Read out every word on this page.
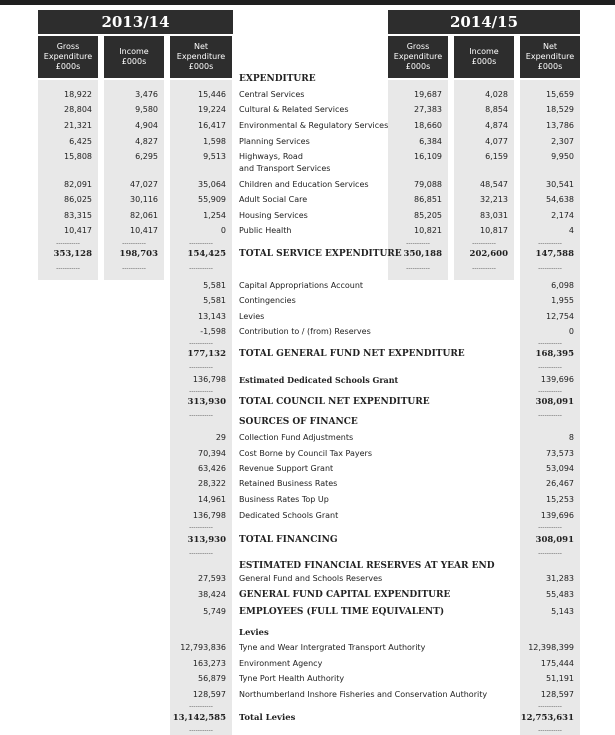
2013/14	2014/15
Gross
Expenditure
£000s
Income
£000s
Net
Expenditure
£000s
Gross
Expenditure
£000s
Income
£000s
Net
Expenditure
£000s
EXPENDITURE
Central Services
18,922	3,476	15,446	19,687	4,028	15,659
Cultural & Related Services
28,804	9,580	19,224	27,383	8,854	18,529
Environmental & Regulatory Services
21,321	4,904	16,417	18,660	4,874	13,786
Planning Services
6,425	4,827	1,598	6,384	4,077	2,307
Highways, Road
and Transport Services
15,808	6,295	9,513	16,109	6,159	9,950
Children and Education Services
82,091	47,027	35,064	79,088	48,547	30,541
Adult Social Care
86,025	30,116	55,909	86,851	32,213	54,638
Housing Services
83,315	82,061	1,254	85,205	83,031	2,174
Public Health
10,417	10,417	0	10,821	10,817	4
-----------	-----------	-----------	-----------	-----------	-----------
TOTAL SERVICE EXPENDITURE
353,128	198,703	154,425	350,188	202,600	147,588
-----------	-----------	-----------	-----------	-----------	-----------
Capital Appropriations Account
5,581	6,098
Contingencies
5,581	1,955
Levies
13,143	12,754
Contribution to / (from) Reserves
-1,598	0
-----------	-----------
TOTAL GENERAL FUND NET EXPENDITURE
177,132	168,395
-----------	-----------
Estimated Dedicated Schools Grant
136,798	139,696
-----------	-----------
TOTAL COUNCIL NET EXPENDITURE
313,930	308,091
-----------	-----------
SOURCES OF FINANCE
Collection Fund Adjustments
29	8
Cost Borne by Council Tax Payers
70,394	73,573
Revenue Support Grant
63,426	53,094
Retained Business Rates
28,322	26,467
Business Rates Top Up
14,961	15,253
Dedicated Schools Grant
136,798	139,696
-----------	-----------
TOTAL FINANCING
313,930	308,091
-----------	-----------
ESTIMATED FINANCIAL RESERVES AT YEAR END
General Fund and Schools Reserves
27,593	31,283
GENERAL FUND CAPITAL EXPENDITURE
38,424	55,483
EMPLOYEES (FULL TIME EQUIVALENT)
5,749	5,143
Levies
Tyne and Wear Intergrated Transport Authority
12,793,836	12,398,399
Environment Agency
163,273	175,444
Tyne Port Health Authority
56,879	51,191
Northumberland Inshore Fisheries and Conservation Authority
128,597	128,597
-----------	-----------
Total Levies
13,142,585	12,753,631
-----------	-----------
